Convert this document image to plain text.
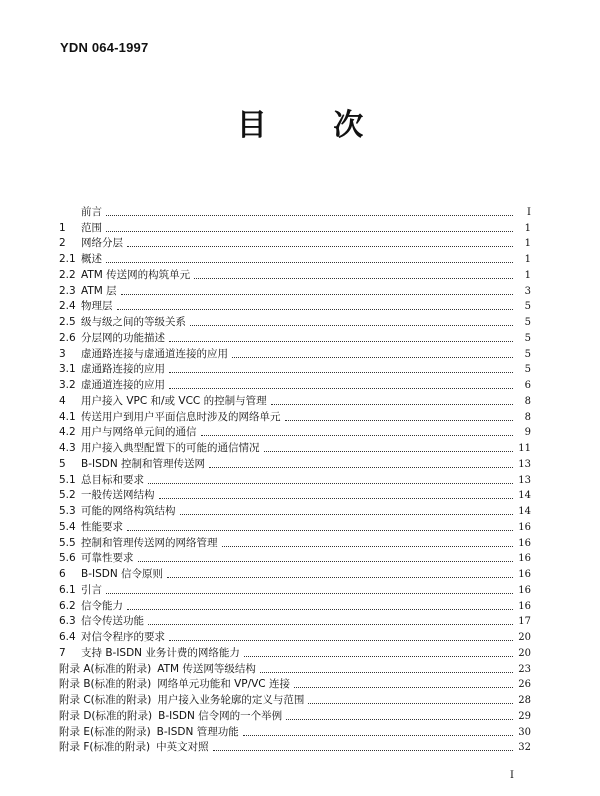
YDN 064-1997
目 次
前言	I
1	范围	1
2	网络分层	1
2.1 概述	1
2.2 ATM 传送网的构筑单元	1
2.3 ATM 层	3
2.4 物理层	5
2.5 级与级之间的等级关系	5
2.6 分层网的功能描述	5
3	虚通路连接与虚通道连接的应用	5
3.1 虚通路连接的应用	5
3.2 虚通道连接的应用	6
4	用户接入 VPC 和/或 VCC 的控制与管理	8
4.1 传送用户到用户平面信息时涉及的网络单元	8
4.2 用户与网络单元间的通信	9
4.3 用户接入典型配置下的可能的通信情况	11
5	B-ISDN 控制和管理传送网	13
5.1 总目标和要求	13
5.2 一般传送网结构	14
5.3 可能的网络构筑结构	14
5.4 性能要求	16
5.5 控制和管理传送网的网络管理	16
5.6 可靠性要求	16
6	B-ISDN 信令原则	16
6.1 引言	16
6.2 信令能力	16
6.3 信令传送功能	17
6.4 对信令程序的要求	20
7	支持 B-ISDN 业务计费的网络能力	20
附录 A(标准的附录) ATM 传送网等级结构	23
附录 B(标准的附录) 网络单元功能和 VP/VC 连接	26
附录 C(标准的附录) 用户接入业务轮廓的定义与范围	28
附录 D(标准的附录) B-ISDN 信令网的一个举例	29
附录 E(标准的附录) B-ISDN 管理功能	30
附录 F(标准的附录) 中英文对照	32
I
